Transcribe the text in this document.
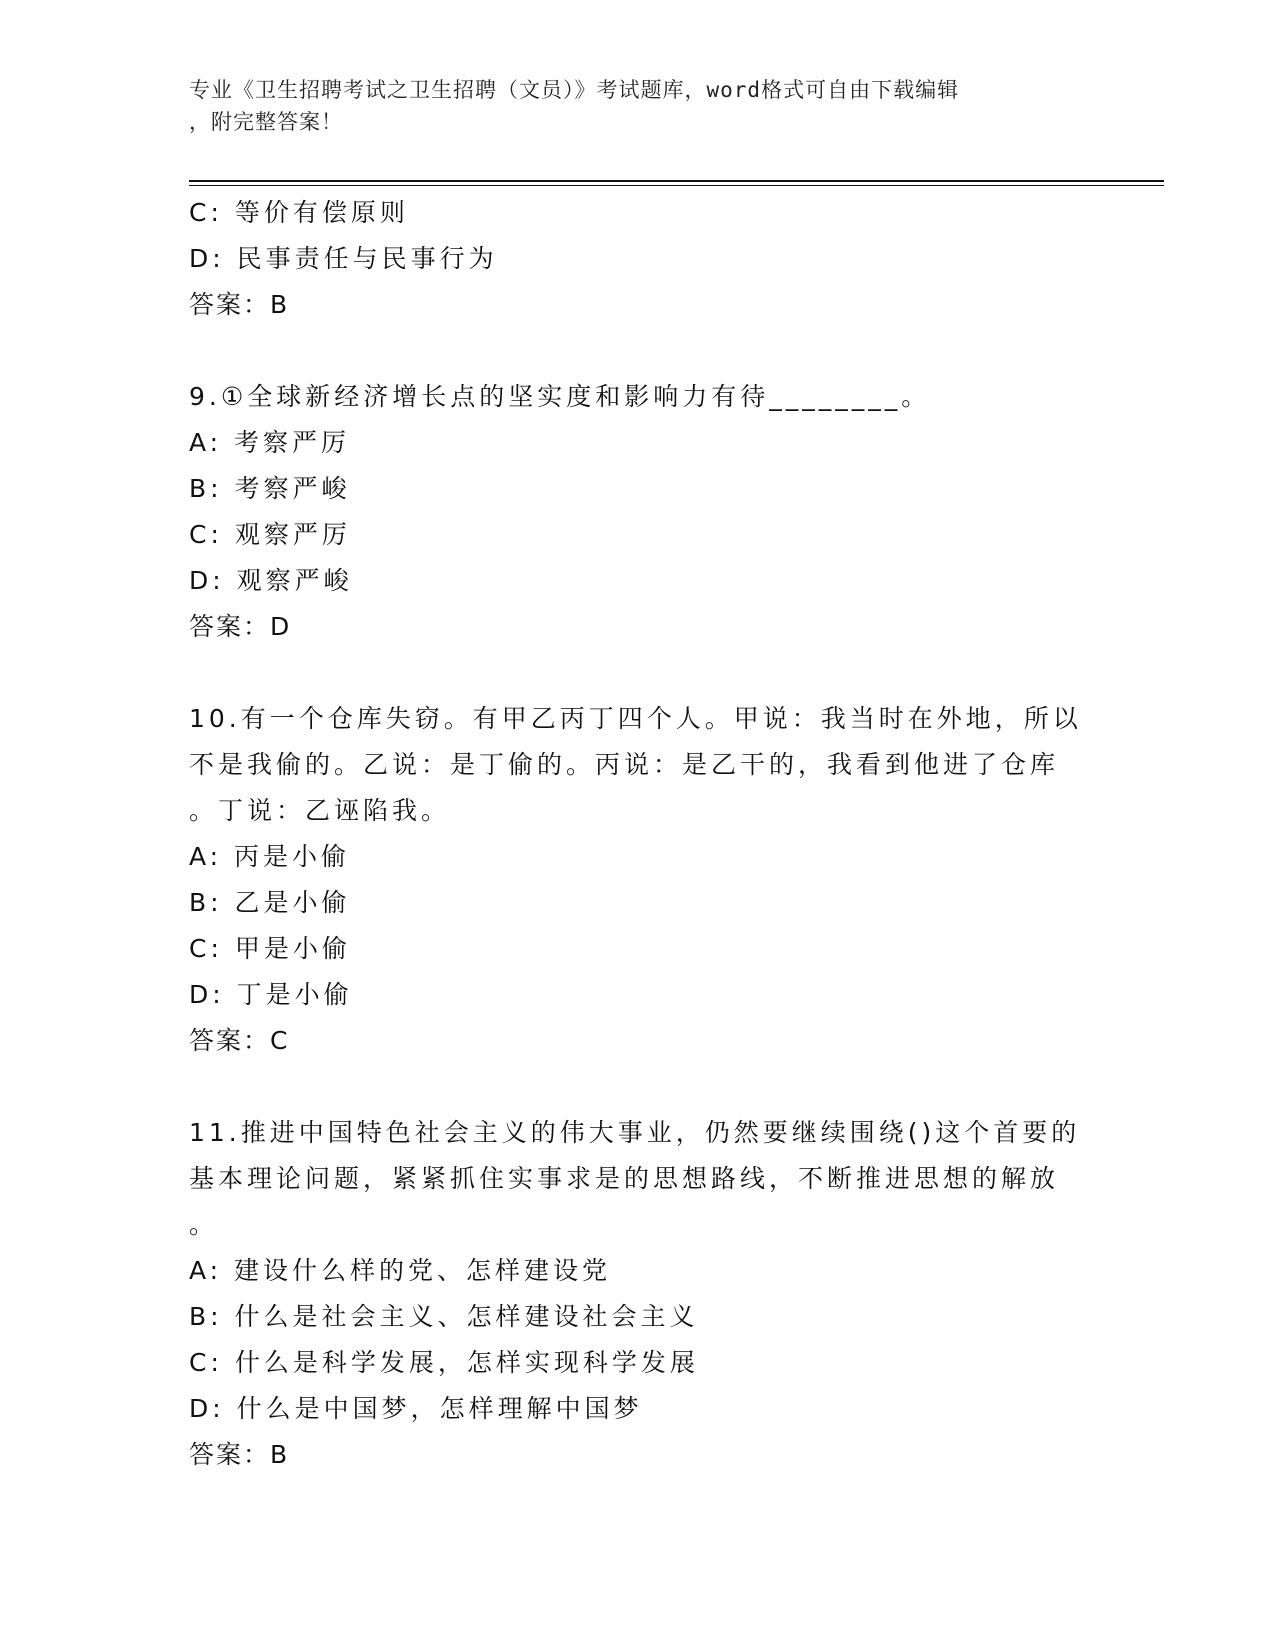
专业《卫生招聘考试之卫生招聘（文员）》考试题库，word格式可自由下载编辑
，附完整答案！
C: 等价有偿原则
D: 民事责任与民事行为
答案：B
9.①全球新经济增长点的坚实度和影响力有待________。
A: 考察严厉
B: 考察严峻
C: 观察严厉
D: 观察严峻
答案：D
10.有一个仓库失窃。有甲乙丙丁四个人。甲说：我当时在外地，所以
不是我偷的。乙说：是丁偷的。丙说：是乙干的，我看到他进了仓库
。丁说：乙诬陷我。
A: 丙是小偷
B: 乙是小偷
C: 甲是小偷
D: 丁是小偷
答案：C
11.推进中国特色社会主义的伟大事业，仍然要继续围绕()这个首要的
基本理论问题，紧紧抓住实事求是的思想路线，不断推进思想的解放
。
A: 建设什么样的党、怎样建设党
B: 什么是社会主义、怎样建设社会主义
C: 什么是科学发展，怎样实现科学发展
D: 什么是中国梦，怎样理解中国梦
答案：B
